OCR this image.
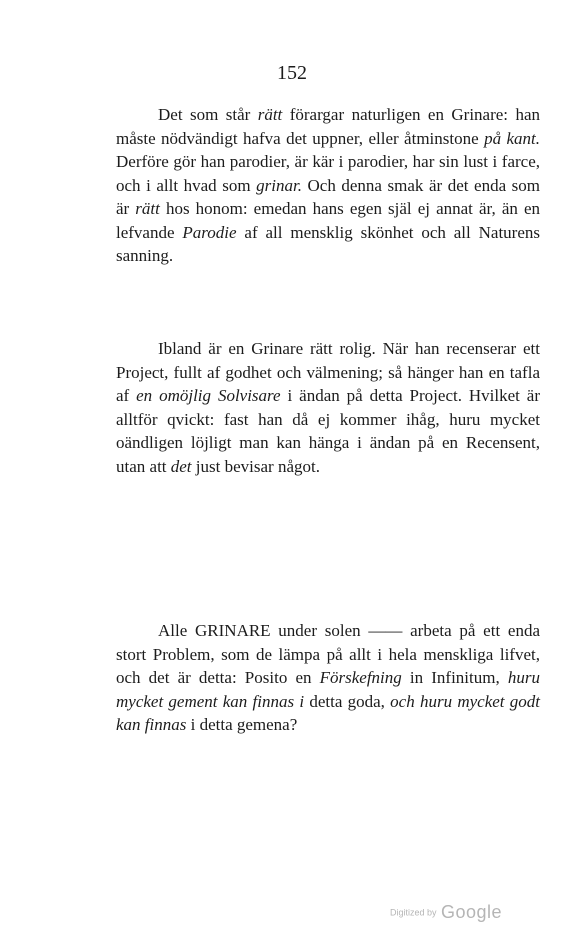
152

Det som står rätt förargar naturligen en Grinare: han måste nödvändigt hafva det uppner, eller åtminstone på kant. Derföre gör han parodier, är kär i parodier, har sin lust i farce, och i allt hvad som grinar. Och denna smak är det enda som är rätt hos honom: emedan hans egen själ ej annat är, än en lefvande Parodie af all mensklig skönhet och all Naturens sanning.

Ibland är en Grinare rätt rolig. När han recenserar ett Project, fullt af godhet och välmening; så hänger han en tafla af en omöjlig Solvisare i ändan på detta Project. Hvilket är alltför qvickt: fast han då ej kommer ihåg, huru mycket oändligen löjligt man kan hänga i ändan på en Recensent, utan att det just bevisar något.

Alle GRINARE under solen —— arbeta på ett enda stort Problem, som de lämpa på allt i hela menskliga lifvet, och det är detta: Posito en Förskefning in Infinitum, huru mycket gement kan finnas i detta goda, och huru mycket godt kan finnas i detta gemena?

Digitized by Google
